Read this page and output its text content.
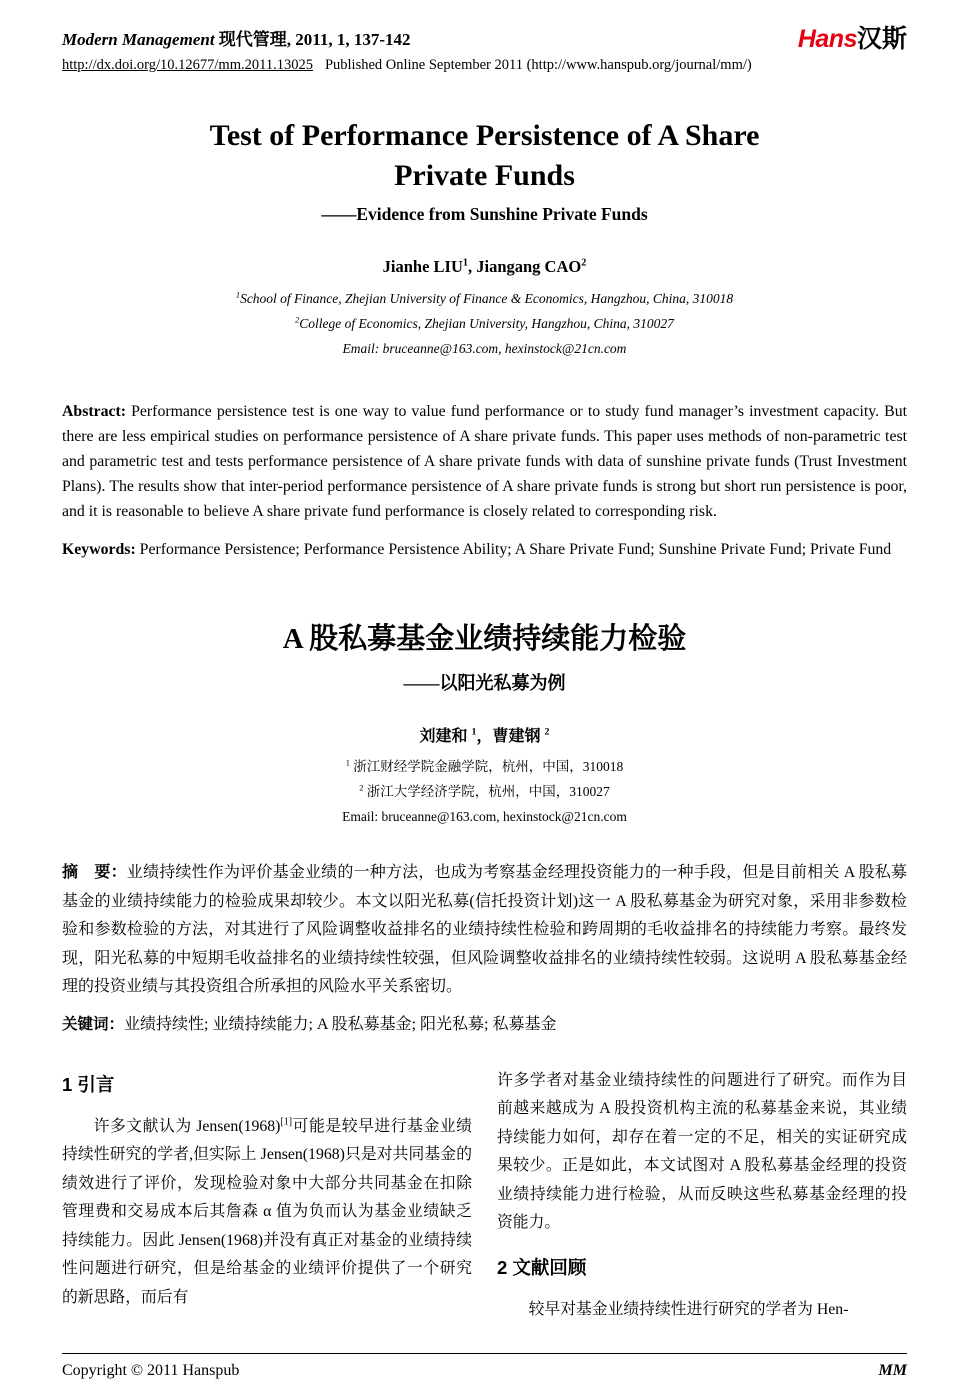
Modern Management 现代管理, 2011, 1, 137-142
http://dx.doi.org/10.12677/mm.2011.13025 Published Online September 2011 (http://www.hanspub.org/journal/mm/)
Hans汉斯
Test of Performance Persistence of A Share
Private Funds
——Evidence from Sunshine Private Funds
Jianhe LIU$^1$, Jiangang CAO$^2$
$^1$School of Finance, Zhejian University of Finance & Economics, Hangzhou, China, 310018
$^2$College of Economics, Zhejian University, Hangzhou, China, 310027
Email: bruceanne@163.com, hexinstock@21cn.com

Abstract: Performance persistence test is one way to value fund performance or to study fund manager’s investment capacity. But there are less empirical studies on performance persistence of A share private funds. This paper uses methods of non-parametric test and parametric test and tests performance persistence of A share private funds with data of sunshine private funds (Trust Investment Plans). The results show that inter-period performance persistence of A share private funds is strong but short run persistence is poor, and it is reasonable to believe A share private fund performance is closely related to corresponding risk.

Keywords: Performance Persistence; Performance Persistence Ability; A Share Private Fund; Sunshine Private Fund; Private Fund

A 股私募基金业绩持续能力检验
——以阳光私募为例
刘建和 $^1$，曹建钢 $^2$
$^1$ 浙江财经学院金融学院，杭州，中国，310018
$^2$ 浙江大学经济学院，杭州，中国，310027
Email: bruceanne@163.com, hexinstock@21cn.com

摘　要：业绩持续性作为评价基金业绩的一种方法，也成为考察基金经理投资能力的一种手段，但是目前相关 A 股私募基金的业绩持续能力的检验成果却较少。本文以阳光私募(信托投资计划)这一 A 股私募基金为研究对象，采用非参数检验和参数检验的方法，对其进行了风险调整收益排名的业绩持续性检验和跨周期的毛收益排名的持续能力考察。最终发现，阳光私募的中短期毛收益排名的业绩持续性较强，但风险调整收益排名的业绩持续性较弱。这说明 A 股私募基金经理的投资业绩与其投资组合所承担的风险水平关系密切。

关键词：业绩持续性; 业绩持续能力; A 股私募基金; 阳光私募; 私募基金

1 引言

许多文献认为 Jensen(1968)[1]可能是较早进行基金业绩持续性研究的学者,但实际上 Jensen(1968)只是对共同基金的绩效进行了评价，发现检验对象中大部分共同基金在扣除管理费和交易成本后其詹森 α 值为负而认为基金业绩缺乏持续能力。因此 Jensen(1968)并没有真正对基金的业绩持续性问题进行研究，但是给基金的业绩评价提供了一个研究的新思路，而后有

许多学者对基金业绩持续性的问题进行了研究。而作为目前越来越成为 A 股投资机构主流的私募基金来说，其业绩持续能力如何，却存在着一定的不足，相关的实证研究成果较少。正是如此，本文试图对 A 股私募基金经理的投资业绩持续能力进行检验，从而反映这些私募基金经理的投资能力。

2 文献回顾

较早对基金业绩持续性进行研究的学者为 Hen-

Copyright © 2011 Hanspub	MM
